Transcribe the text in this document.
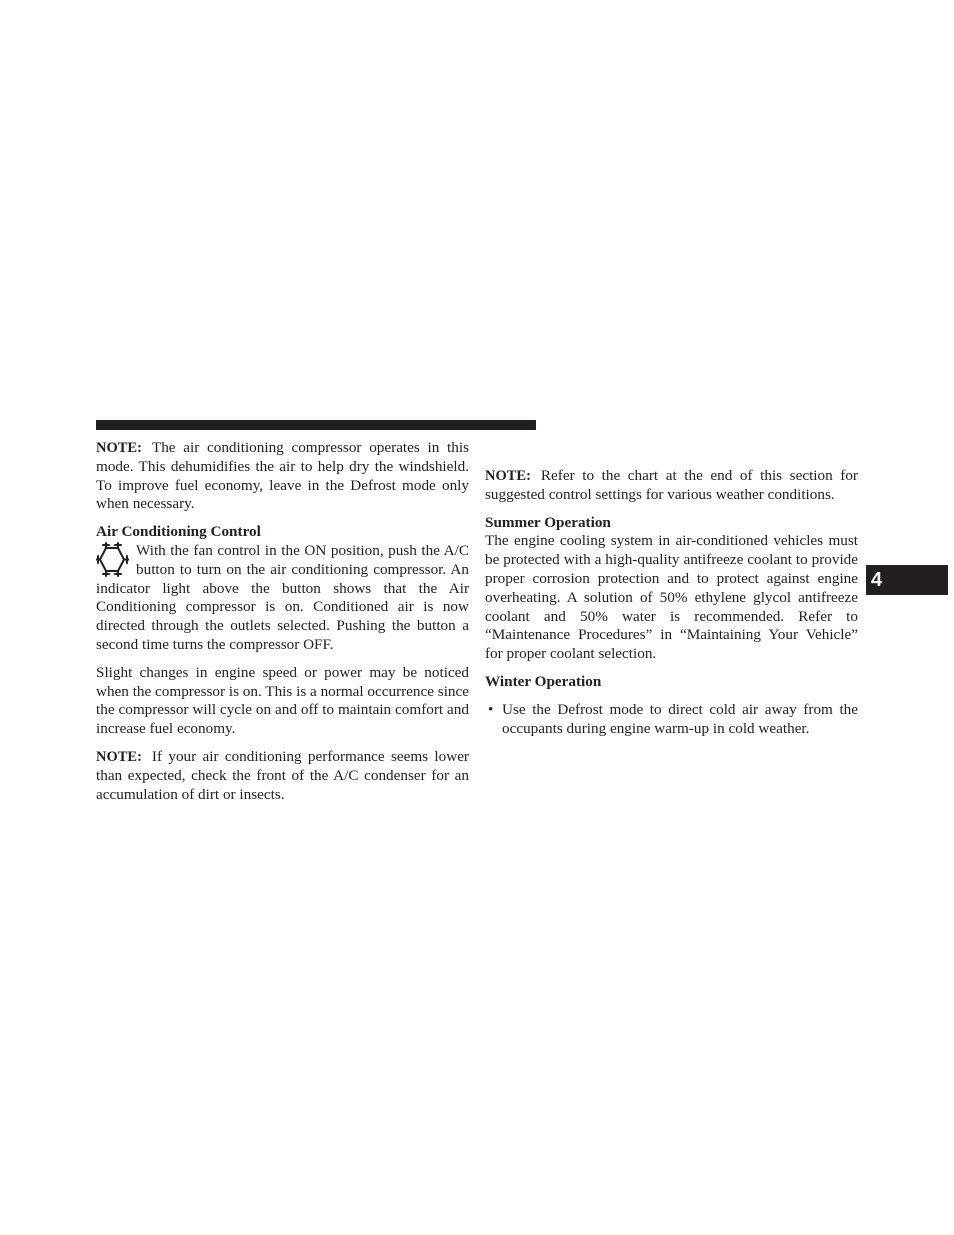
NOTE: The air conditioning compressor operates in this mode. This dehumidifies the air to help dry the windshield. To improve fuel economy, leave in the Defrost mode only when necessary.

Air Conditioning Control

With the fan control in the ON position, push the A/C button to turn on the air conditioning compressor. An indicator light above the button shows that the Air Conditioning compressor is on. Conditioned air is now directed through the outlets selected. Pushing the button a second time turns the compressor OFF.

Slight changes in engine speed or power may be noticed when the compressor is on. This is a normal occurrence since the compressor will cycle on and off to maintain comfort and increase fuel economy.

NOTE: If your air conditioning performance seems lower than expected, check the front of the A/C condenser for an accumulation of dirt or insects.

NOTE: Refer to the chart at the end of this section for suggested control settings for various weather conditions.

Summer Operation

The engine cooling system in air-conditioned vehicles must be protected with a high-quality antifreeze coolant to provide proper corrosion protection and to protect against engine overheating. A solution of 50% ethylene glycol antifreeze coolant and 50% water is recommended. Refer to “Maintenance Procedures” in “Maintaining Your Vehicle” for proper coolant selection.

Winter Operation
• Use the Defrost mode to direct cold air away from the occupants during engine warm-up in cold weather.
4
